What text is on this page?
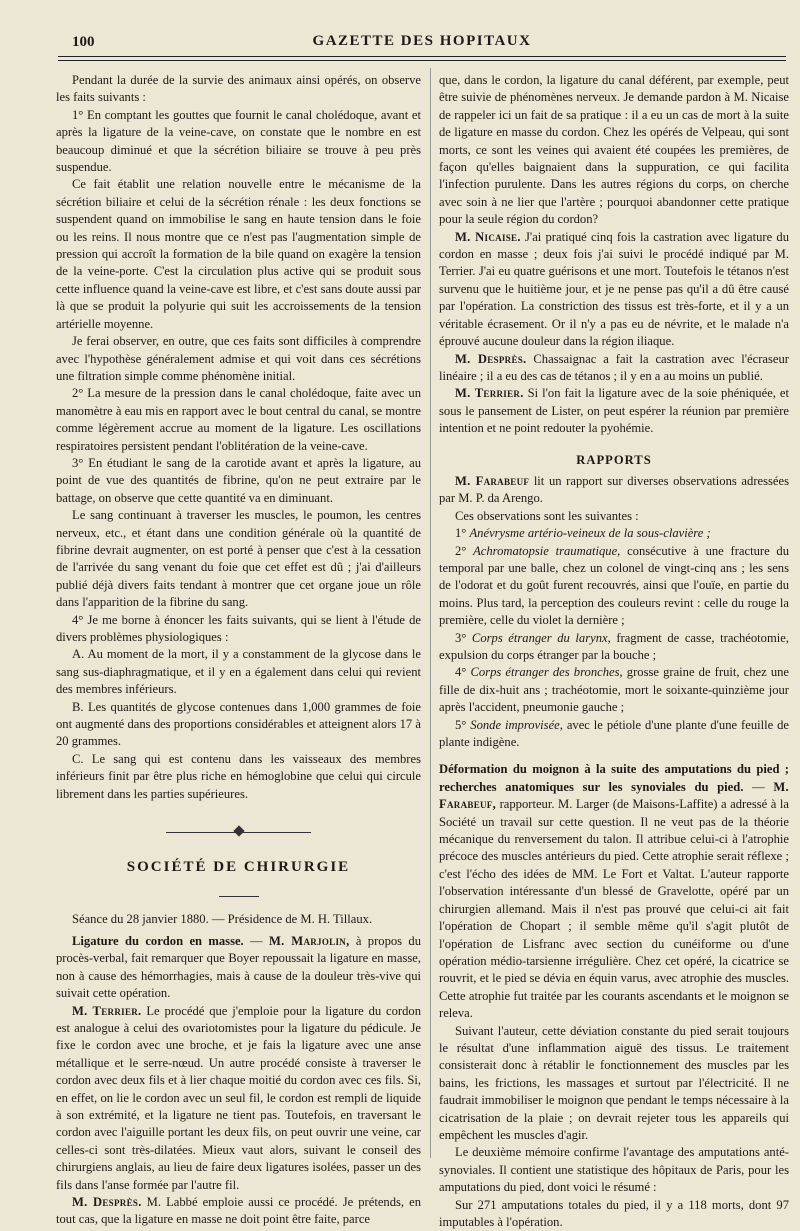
100	GAZETTE DES HOPITAUX

Pendant la durée de la survie des animaux ainsi opérés, on observe les faits suivants :

1° En comptant les gouttes que fournit le canal cholédoque, avant et après la ligature de la veine-cave, on constate que le nombre en est beaucoup diminué et que la sécrétion biliaire se trouve à peu près suspendue.

Ce fait établit une relation nouvelle entre le mécanisme de la sécrétion biliaire et celui de la sécrétion rénale : les deux fonctions se suspendent quand on immobilise le sang en haute tension dans le foie ou les reins. Il nous montre que ce n'est pas l'augmentation simple de pression qui accroît la formation de la bile quand on exagère la tension de la veine-porte. C'est la circulation plus active qui se produit sous cette influence quand la veine-cave est libre, et c'est sans doute aussi par là que se produit la polyurie qui suit les accroissements de la tension artérielle moyenne.

Je ferai observer, en outre, que ces faits sont difficiles à comprendre avec l'hypothèse généralement admise et qui voit dans ces sécrétions une filtration simple comme phénomène initial.

2° La mesure de la pression dans le canal cholédoque, faite avec un manomètre à eau mis en rapport avec le bout central du canal, se montre comme légèrement accrue au moment de la ligature. Les oscillations respiratoires persistent pendant l'oblitération de la veine-cave.

3° En étudiant le sang de la carotide avant et après la ligature, au point de vue des quantités de fibrine, qu'on ne peut extraire par le battage, on observe que cette quantité va en diminuant.

Le sang continuant à traverser les muscles, le poumon, les centres nerveux, etc., et étant dans une condition générale où la quantité de fibrine devrait augmenter, on est porté à penser que c'est à la cessation de l'arrivée du sang venant du foie que cet effet est dû ; j'ai d'ailleurs publié déjà divers faits tendant à montrer que cet organe joue un rôle dans l'apparition de la fibrine du sang.

4° Je me borne à énoncer les faits suivants, qui se lient à l'étude de divers problèmes physiologiques :

A. Au moment de la mort, il y a constamment de la glycose dans le sang sus-diaphragmatique, et il y en a également dans celui qui revient des membres inférieurs.

B. Les quantités de glycose contenues dans 1,000 grammes de foie ont augmenté dans des proportions considérables et atteignent alors 17 à 20 grammes.

C. Le sang qui est contenu dans les vaisseaux des membres inférieurs finit par être plus riche en hémoglobine que celui qui circule librement dans les parties supérieures.

SOCIÉTÉ DE CHIRURGIE

Séance du 28 janvier 1880. — Présidence de M. H. Tillaux.

Ligature du cordon en masse. — M. Marjolin, à propos du procès-verbal, fait remarquer que Boyer repoussait la ligature en masse, non à cause des hémorrhagies, mais à cause de la douleur très-vive qui suivait cette opération.

M. Terrier. Le procédé que j'emploie pour la ligature du cordon est analogue à celui des ovariotomistes pour la ligature du pédicule. Je fixe le cordon avec une broche, et je fais la ligature avec une anse métallique et le serre-nœud. Un autre procédé consiste à traverser le cordon avec deux fils et à lier chaque moitié du cordon avec ces fils. Si, en effet, on lie le cordon avec un seul fil, le cordon est rempli de liquide à son extrémité, et la ligature ne tient pas. Toutefois, en traversant le cordon avec l'aiguille portant les deux fils, on peut ouvrir une veine, car celles-ci sont très-dilatées. Mieux vaut alors, suivant le conseil des chirurgiens anglais, au lieu de faire deux ligatures isolées, passer un des fils dans l'anse formée par l'autre fil.

M. Desprès. M. Labbé emploie aussi ce procédé. Je prétends, en tout cas, que la ligature en masse ne doit point être faite, parce

que, dans le cordon, la ligature du canal déférent, par exemple, peut être suivie de phénomènes nerveux. Je demande pardon à M. Nicaise de rappeler ici un fait de sa pratique : il a eu un cas de mort à la suite de ligature en masse du cordon. Chez les opérés de Velpeau, qui sont morts, ce sont les veines qui avaient été coupées les premières, de façon qu'elles baignaient dans la suppuration, ce qui facilita l'infection purulente. Dans les autres régions du corps, on cherche avec soin à ne lier que l'artère ; pourquoi abandonner cette pratique pour la seule région du cordon?

M. Nicaise. J'ai pratiqué cinq fois la castration avec ligature du cordon en masse ; deux fois j'ai suivi le procédé indiqué par M. Terrier. J'ai eu quatre guérisons et une mort. Toutefois le tétanos n'est survenu que le huitième jour, et je ne pense pas qu'il a dû être causé par l'opération. La constriction des tissus est très-forte, et il y a un véritable écrasement. Or il n'y a pas eu de névrite, et le malade n'a éprouvé aucune douleur dans la région iliaque.

M. Desprès. Chassaignac a fait la castration avec l'écraseur linéaire ; il a eu des cas de tétanos ; il y en a au moins un publié.

M. Terrier. Si l'on fait la ligature avec de la soie phéniquée, et sous le pansement de Lister, on peut espérer la réunion par première intention et ne point redouter la pyohémie.

RAPPORTS

M. Farabeuf lit un rapport sur diverses observations adressées par M. P. da Arengo.

Ces observations sont les suivantes :

1° Anévrysme artério-veineux de la sous-clavière ;

2° Achromatopsie traumatique, consécutive à une fracture du temporal par une balle, chez un colonel de vingt-cinq ans ; les sens de l'odorat et du goût furent recouvrés, ainsi que l'ouïe, en partie du moins. Plus tard, la perception des couleurs revint : celle du rouge la première, celle du violet la dernière ;

3° Corps étranger du larynx, fragment de casse, trachéotomie, expulsion du corps étranger par la bouche ;

4° Corps étranger des bronches, grosse graine de fruit, chez une fille de dix-huit ans ; trachéotomie, mort le soixante-quinzième jour après l'accident, pneumonie gauche ;

5° Sonde improvisée, avec le pétiole d'une plante d'une feuille de plante indigène.

Déformation du moignon à la suite des amputations du pied ; recherches anatomiques sur les synoviales du pied. — M. Farabeuf, rapporteur. M. Larger (de Maisons-Laffite) a adressé à la Société un travail sur cette question. Il ne veut pas de la théorie mécanique du renversement du talon. Il attribue celui-ci à l'atrophie précoce des muscles antérieurs du pied. Cette atrophie serait réflexe ; c'est l'écho des idées de MM. Le Fort et Valtat. L'auteur rapporte l'observation intéressante d'un blessé de Gravelotte, opéré par un chirurgien allemand. Mais il n'est pas prouvé que celui-ci ait fait l'opération de Chopart ; il semble même qu'il s'agit plutôt de l'opération de Lisfranc avec section du cunéiforme ou d'une opération médio-tarsienne irrégulière. Chez cet opéré, la cicatrice se rouvrit, et le pied se dévia en équin varus, avec atrophie des muscles. Cette atrophie fut traitée par les courants ascendants et le moignon se releva.

Suivant l'auteur, cette déviation constante du pied serait toujours le résultat d'une inflammation aiguë des tissus. Le traitement consisterait donc à rétablir le fonctionnement des muscles par les bains, les frictions, les massages et surtout par l'électricité. Il ne faudrait immobiliser le moignon que pendant le temps nécessaire à la cicatrisation de la plaie ; on devrait rejeter tous les appareils qui empêchent les muscles d'agir.

Le deuxième mémoire confirme l'avantage des amputations anté-synoviales. Il contient une statistique des hôpitaux de Paris, pour les amputations du pied, dont voici le résumé :

Sur 271 amputations totales du pied, il y a 118 morts, dont 97 imputables à l'opération.
